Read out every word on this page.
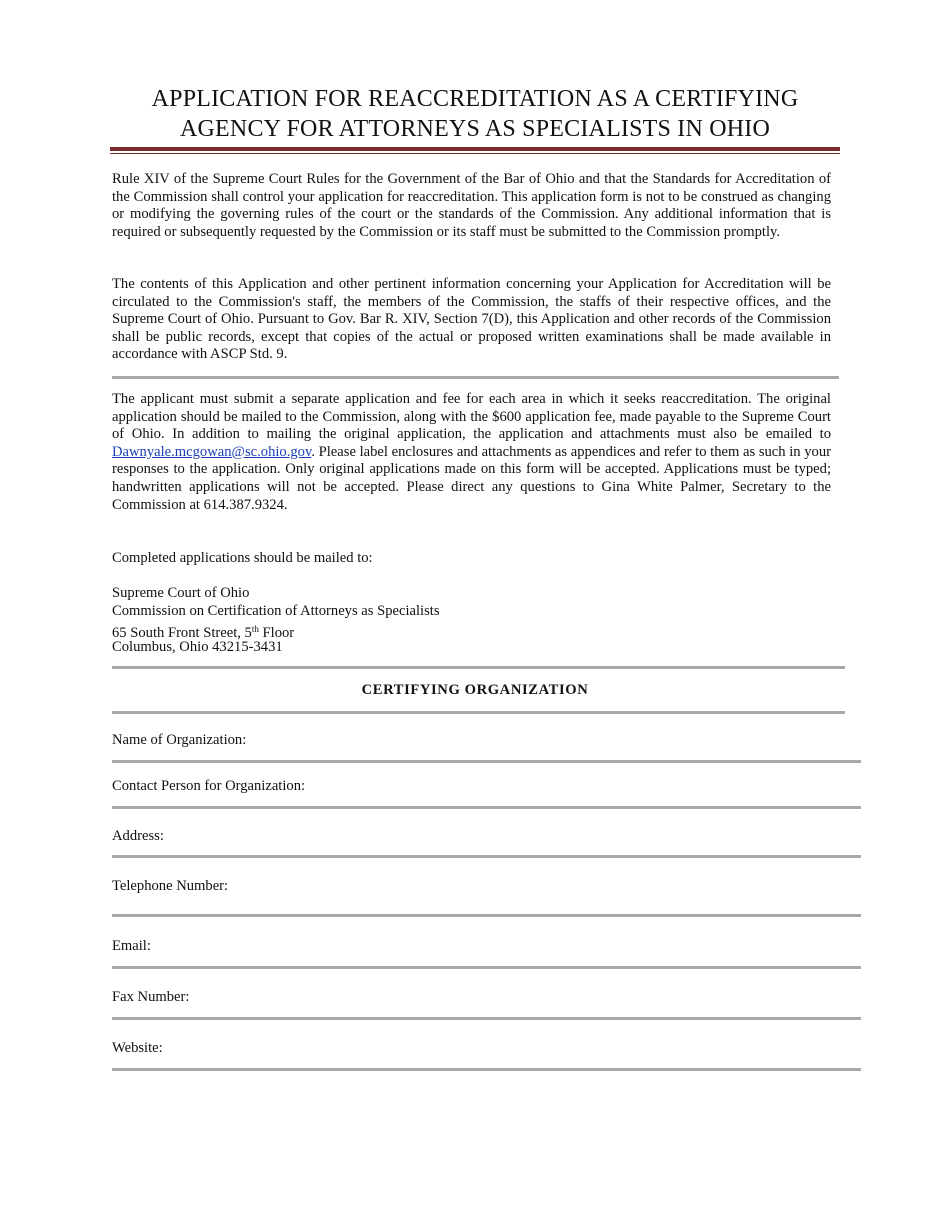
APPLICATION FOR REACCREDITATION AS A CERTIFYING
AGENCY FOR ATTORNEYS AS SPECIALISTS IN OHIO
Rule XIV of the Supreme Court Rules for the Government of the Bar of Ohio and that the Standards for Accreditation of the Commission shall control your application for reaccreditation. This application form is not to be construed as changing or modifying the governing rules of the court or the standards of the Commission. Any additional information that is required or subsequently requested by the Commission or its staff must be submitted to the Commission promptly.
The contents of this Application and other pertinent information concerning your Application for Accreditation will be circulated to the Commission's staff, the members of the Commission, the staffs of their respective offices, and the Supreme Court of Ohio. Pursuant to Gov. Bar R. XIV, Section 7(D), this Application and other records of the Commission shall be public records, except that copies of the actual or proposed written examinations shall be made available in accordance with ASCP Std. 9.
The applicant must submit a separate application and fee for each area in which it seeks reaccreditation. The original application should be mailed to the Commission, along with the $600 application fee, made payable to the Supreme Court of Ohio. In addition to mailing the original application, the application and attachments must also be emailed to Dawnyale.mcgowan@sc.ohio.gov. Please label enclosures and attachments as appendices and refer to them as such in your responses to the application. Only original applications made on this form will be accepted. Applications must be typed; handwritten applications will not be accepted. Please direct any questions to Gina White Palmer, Secretary to the Commission at 614.387.9324.
Completed applications should be mailed to:
Supreme Court of Ohio
Commission on Certification of Attorneys as Specialists
65 South Front Street, 5th Floor
Columbus, Ohio 43215-3431
CERTIFYING ORGANIZATION
Name of Organization:
Contact Person for Organization:
Address:
Telephone Number:
Email:
Fax Number:
Website:
